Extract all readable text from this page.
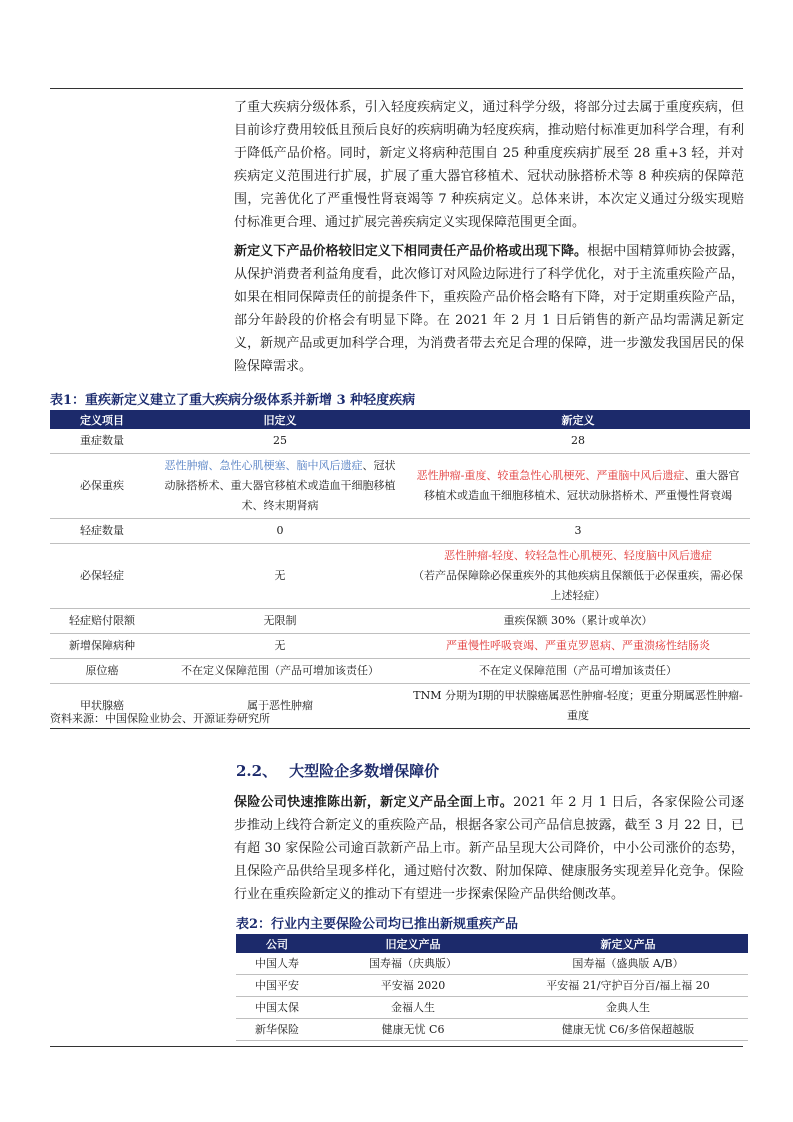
了重大疾病分级体系，引入轻度疾病定义，通过科学分级，将部分过去属于重度疾病，但目前诊疗费用较低且预后良好的疾病明确为轻度疾病，推动赔付标准更加科学合理，有利于降低产品价格。同时，新定义将病种范围自 25 种重度疾病扩展至 28 重+3 轻，并对疾病定义范围进行扩展，扩展了重大器官移植术、冠状动脉搭桥术等 8 种疾病的保障范围，完善优化了严重慢性肾衰竭等 7 种疾病定义。总体来讲，本次定义通过分级实现赔付标准更合理、通过扩展完善疾病定义实现保障范围更全面。

新定义下产品价格较旧定义下相同责任产品价格或出现下降。根据中国精算师协会披露，从保护消费者利益角度看，此次修订对风险边际进行了科学优化，对于主流重疾险产品，如果在相同保障责任的前提条件下，重疾险产品价格会略有下降，对于定期重疾险产品，部分年龄段的价格会有明显下降。在 2021 年 2 月 1 日后销售的新产品均需满足新定义，新规产品或更加科学合理，为消费者带去充足合理的保障，进一步激发我国居民的保险保障需求。

表1：重疾新定义建立了重大疾病分级体系并新增 3 种轻度疾病

定义项目	旧定义	新定义
重症数量	25	28
必保重疾	恶性肿瘤、急性心肌梗塞、脑中风后遗症、冠状动脉搭桥术、重大器官移植术或造血干细胞移植术、终末期肾病	恶性肿瘤-重度、较重急性心肌梗死、严重脑中风后遗症、重大器官移植术或造血干细胞移植术、冠状动脉搭桥术、严重慢性肾衰竭
轻症数量	0	3
必保轻症	无	恶性肿瘤-轻度、较轻急性心肌梗死、轻度脑中风后遗症
（若产品保障除必保重疾外的其他疾病且保额低于必保重疾，需必保上述轻症）
轻症赔付限额	无限制	重疾保额 30%（累计或单次）
新增保障病种	无	严重慢性呼吸衰竭、严重克罗恩病、严重溃疡性结肠炎
原位癌	不在定义保障范围（产品可增加该责任）	不在定义保障范围（产品可增加该责任）
甲状腺癌	属于恶性肿瘤	TNM 分期为Ⅰ期的甲状腺癌属恶性肿瘤-轻度；更重分期属恶性肿瘤-重度

资料来源：中国保险业协会、开源证券研究所

2.2、 大型险企多数增保障价

保险公司快速推陈出新，新定义产品全面上市。2021 年 2 月 1 日后，各家保险公司逐步推动上线符合新定义的重疾险产品，根据各家公司产品信息披露，截至 3 月 22 日，已有超 30 家保险公司逾百款新产品上市。新产品呈现大公司降价，中小公司涨价的态势，且保险产品供给呈现多样化，通过赔付次数、附加保障、健康服务实现差异化竞争。保险行业在重疾险新定义的推动下有望进一步探索保险产品供给侧改革。

表2：行业内主要保险公司均已推出新规重疾产品

公司	旧定义产品	新定义产品
中国人寿	国寿福（庆典版）	国寿福（盛典版 A/B）
中国平安	平安福 2020	平安福 21/守护百分百/福上福 20
中国太保	金福人生	金典人生
新华保险	健康无忧 C6	健康无忧 C6/多倍保超越版
